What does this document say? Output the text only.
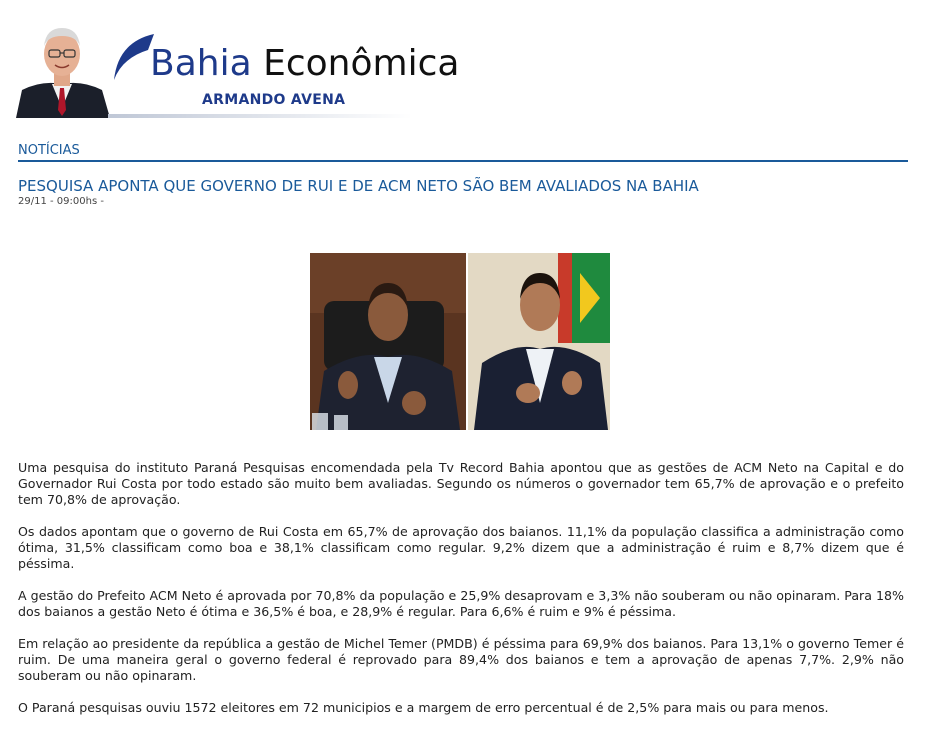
Bahia Econômica
ARMANDO AVENA
NOTÍCIAS
PESQUISA APONTA QUE GOVERNO DE RUI E DE ACM NETO SÃO BEM AVALIADOS NA BAHIA
29/11 - 09:00hs -

Uma pesquisa do instituto Paraná Pesquisas encomendada pela Tv Record Bahia apontou que as gestões de ACM Neto na Capital e do Governador Rui Costa por todo estado são muito bem avaliadas. Segundo os números o governador tem 65,7% de aprovação e o prefeito tem 70,8% de aprovação.

Os dados apontam que o governo de Rui Costa em 65,7% de aprovação dos baianos. 11,1% da população classifica a administração como ótima, 31,5% classificam como boa e 38,1% classificam como regular. 9,2% dizem que a administração é ruim e 8,7% dizem que é péssima.

A gestão do Prefeito ACM Neto é aprovada por 70,8% da população e 25,9% desaprovam e 3,3% não souberam ou não opinaram. Para 18% dos baianos a gestão Neto é ótima e 36,5% é boa, e 28,9% é regular. Para 6,6% é ruim e 9% é péssima.

Em relação ao presidente da república a gestão de Michel Temer (PMDB) é péssima para 69,9% dos baianos. Para 13,1% o governo Temer é ruim. De uma maneira geral o governo federal é reprovado para 89,4% dos baianos e tem a aprovação de apenas 7,7%. 2,9% não souberam ou não opinaram.

O Paraná pesquisas ouviu 1572 eleitores em 72 municipios e a margem de erro percentual é de 2,5% para mais ou para menos.
